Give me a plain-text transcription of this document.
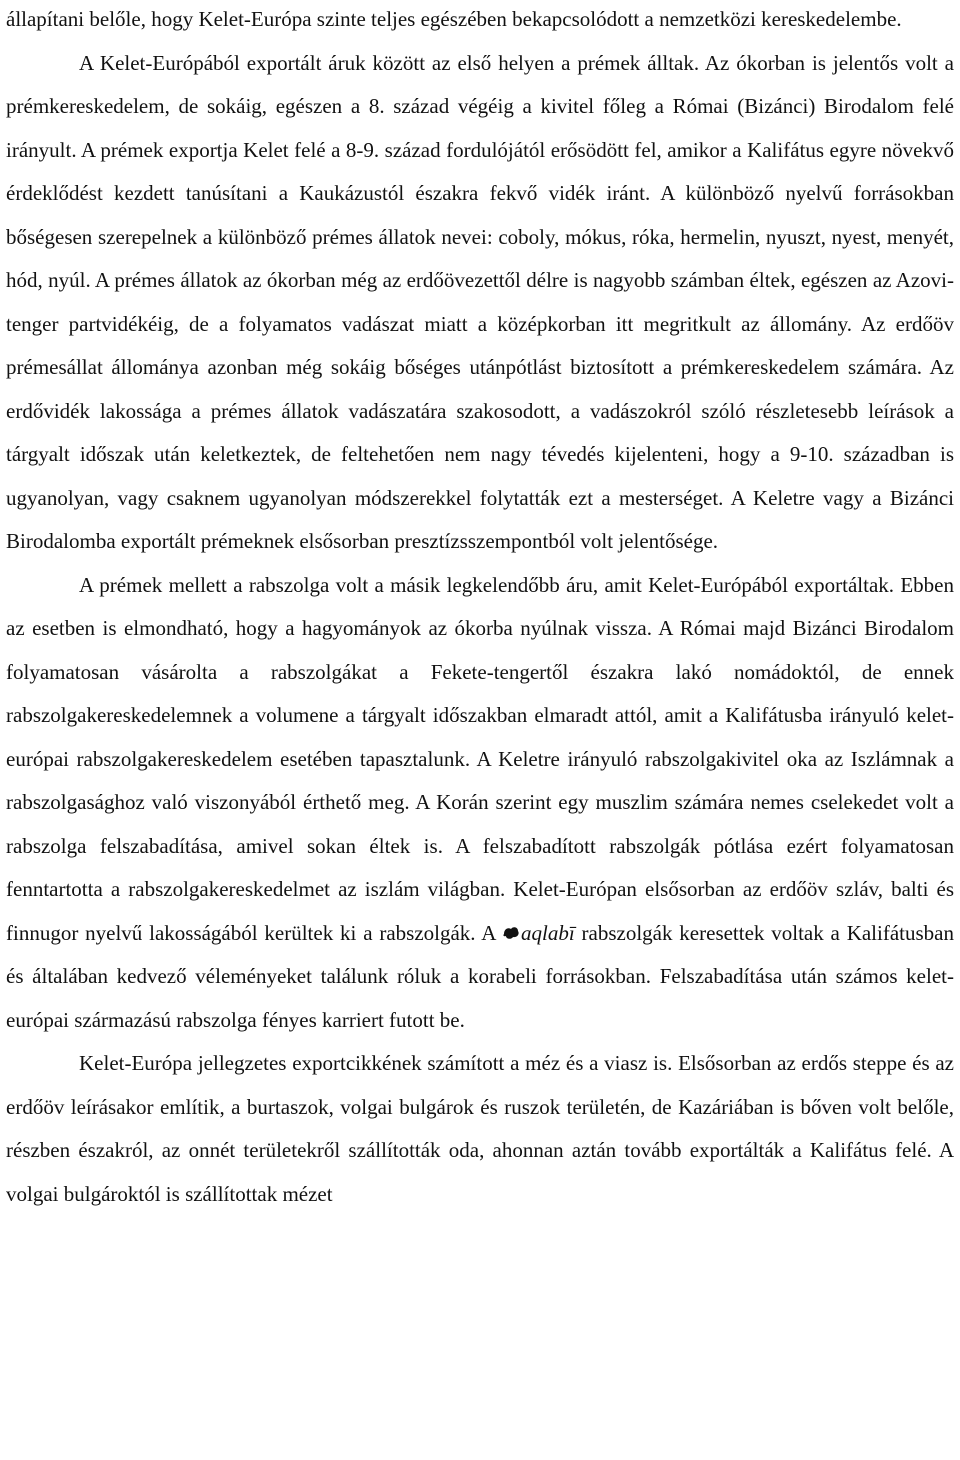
állapítani belőle, hogy Kelet-Európa szinte teljes egészében bekapcsolódott a nemzetközi kereskedelembe.

A Kelet-Európából exportált áruk között az első helyen a prémek álltak. Az ókorban is jelentős volt a prémkereskedelem, de sokáig, egészen a 8. század végéig a kivitel főleg a Római (Bizánci) Birodalom felé irányult. A prémek exportja Kelet felé a 8-9. század fordulójától erősödött fel, amikor a Kalifátus egyre növekvő érdeklődést kezdett tanúsítani a Kaukázustól északra fekvő vidék iránt. A különböző nyelvű forrásokban bőségesen szerepelnek a különböző prémes állatok nevei: coboly, mókus, róka, hermelin, nyuszt, nyest, menyét, hód, nyúl. A prémes állatok az ókorban még az erdőövezettől délre is nagyobb számban éltek, egészen az Azovi-tenger partvidékéig, de a folyamatos vadászat miatt a középkorban itt megritkult az állomány. Az erdőöv prémesállat állománya azonban még sokáig bőséges utánpótlást biztosított a prémkereskedelem számára. Az erdővidék lakossága a prémes állatok vadászatára szakosodott, a vadászokról szóló részletesebb leírások a tárgyalt időszak után keletkeztek, de feltehetően nem nagy tévedés kijelenteni, hogy a 9-10. században is ugyanolyan, vagy csaknem ugyanolyan módszerekkel folytatták ezt a mesterséget. A Keletre vagy a Bizánci Birodalomba exportált prémeknek elsősorban presztízsszempontból volt jelentősége.

A prémek mellett a rabszolga volt a másik legkelendőbb áru, amit Kelet-Európából exportáltak. Ebben az esetben is elmondható, hogy a hagyományok az ókorba nyúlnak vissza. A Római majd Bizánci Birodalom folyamatosan vásárolta a rabszolgákat a Fekete-tengertől északra lakó nomádoktól, de ennek rabszolgakereskedelemnek a volumene a tárgyalt időszakban elmaradt attól, amit a Kalifátusba irányuló kelet-európai rabszolgakereskedelem esetében tapasztalunk. A Keletre irányuló rabszolgakivitel oka az Iszlámnak a rabszolgasághoz való viszonyából érthető meg. A Korán szerint egy muszlim számára nemes cselekedet volt a rabszolga felszabadítása, amivel sokan éltek is. A felszabadított rabszolgák pótlása ezért folyamatosan fenntartotta a rabszolgakereskedelmet az iszlám világban. Kelet-Európan elsősorban az erdőöv szláv, balti és finnugor nyelvű lakosságából kerültek ki a rabszolgák. A
aqlabī rabszolgák keresettek voltak a Kalifátusban és általában kedvező véleményeket találunk róluk a korabeli forrásokban. Felszabadítása után számos kelet-európai származású rabszolga fényes karriert futott be.

Kelet-Európa jellegzetes exportcikkének számított a méz és a viasz is. Elsősorban az erdős steppe és az erdőöv leírásakor említik, a burtaszok, volgai bulgárok és ruszok területén, de Kazáriában is bőven volt belőle, részben északról, az onnét területekről szállították oda, ahonnan aztán tovább exportálták a Kalifátus felé. A volgai bulgároktól is szállítottak mézet
